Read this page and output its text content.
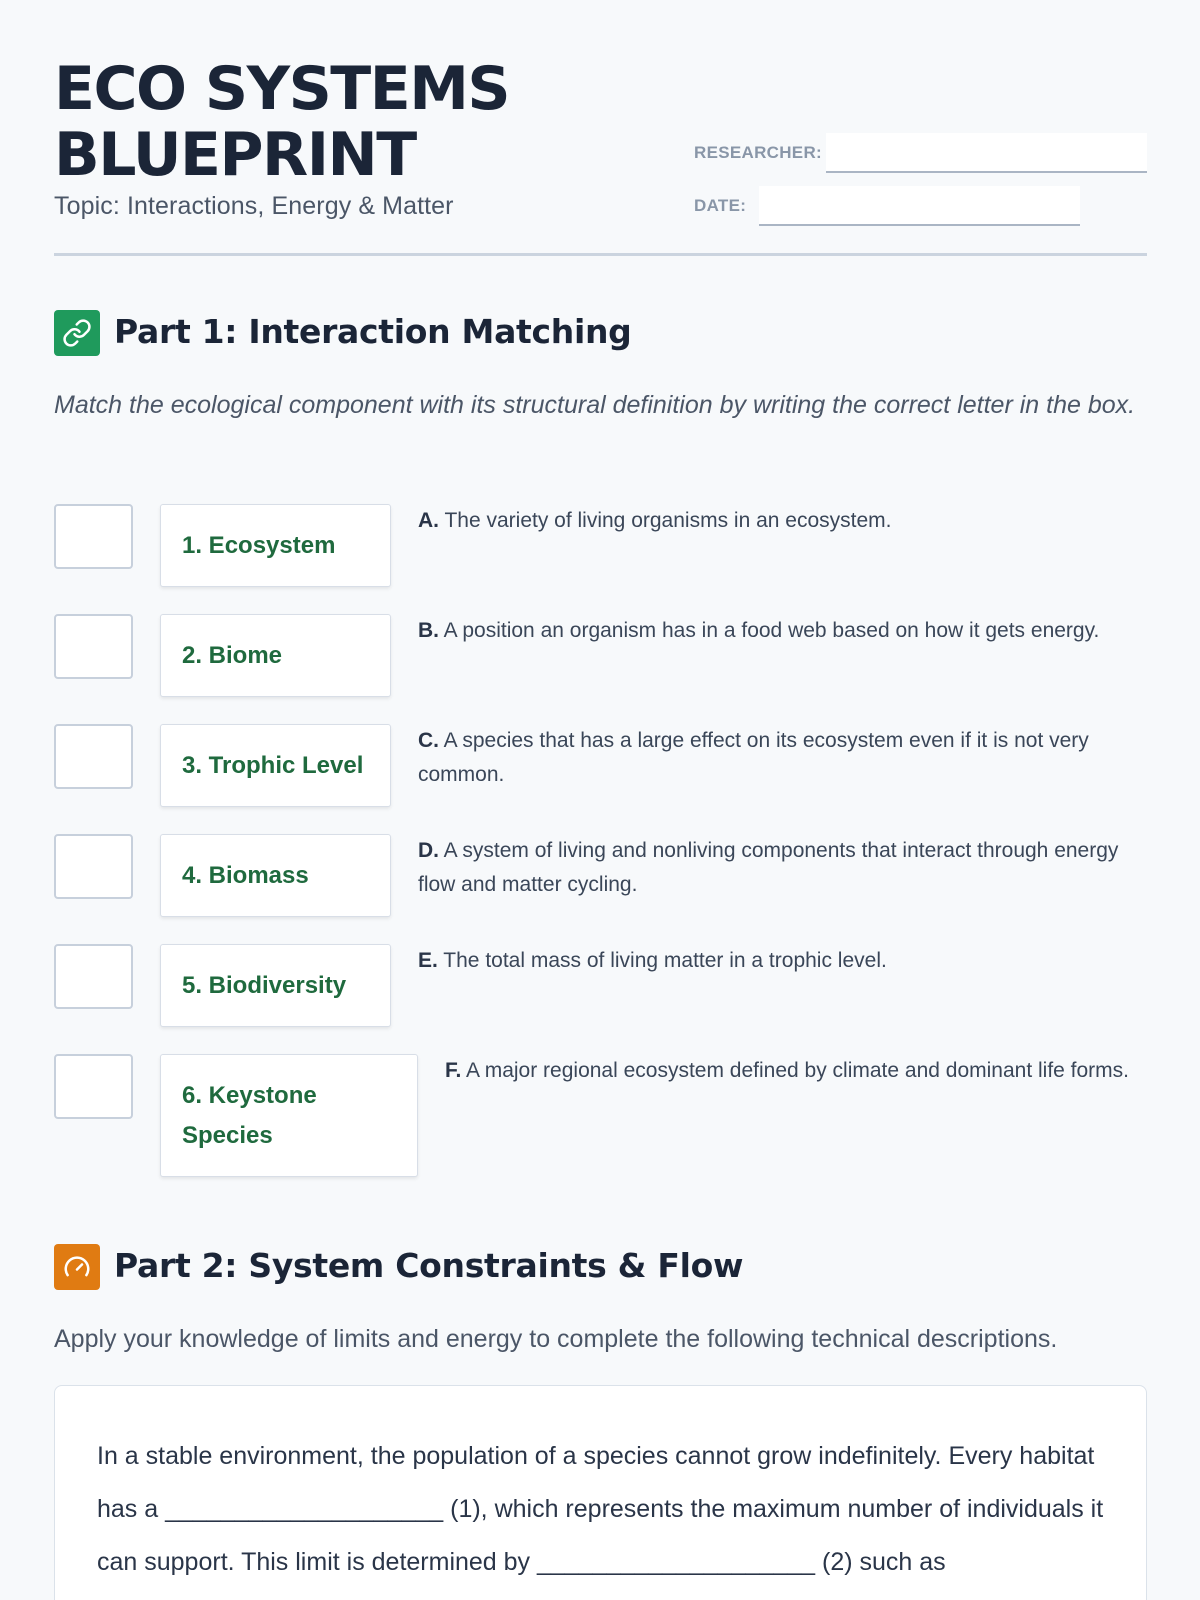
ECO SYSTEMS
BLUEPRINT
Topic: Interactions, Energy & Matter
RESEARCHER:
DATE:
Part 1: Interaction Matching
Match the ecological component with its structural definition by writing the correct letter in the box.
1. Ecosystem
A. The variety of living organisms in an ecosystem.
2. Biome
B. A position an organism has in a food web based on how it gets energy.
3. Trophic Level
C. A species that has a large effect on its ecosystem even if it is not very common.
4. Biomass
D. A system of living and nonliving components that interact through energy flow and matter cycling.
5. Biodiversity
E. The total mass of living matter in a trophic level.
6. Keystone Species
F. A major regional ecosystem defined by climate and dominant life forms.
Part 2: System Constraints & Flow
Apply your knowledge of limits and energy to complete the following technical descriptions.
In a stable environment, the population of a species cannot grow indefinitely. Every habitat has a ____________________ (1), which represents the maximum number of individuals it can support. This limit is determined by ____________________ (2) such as
